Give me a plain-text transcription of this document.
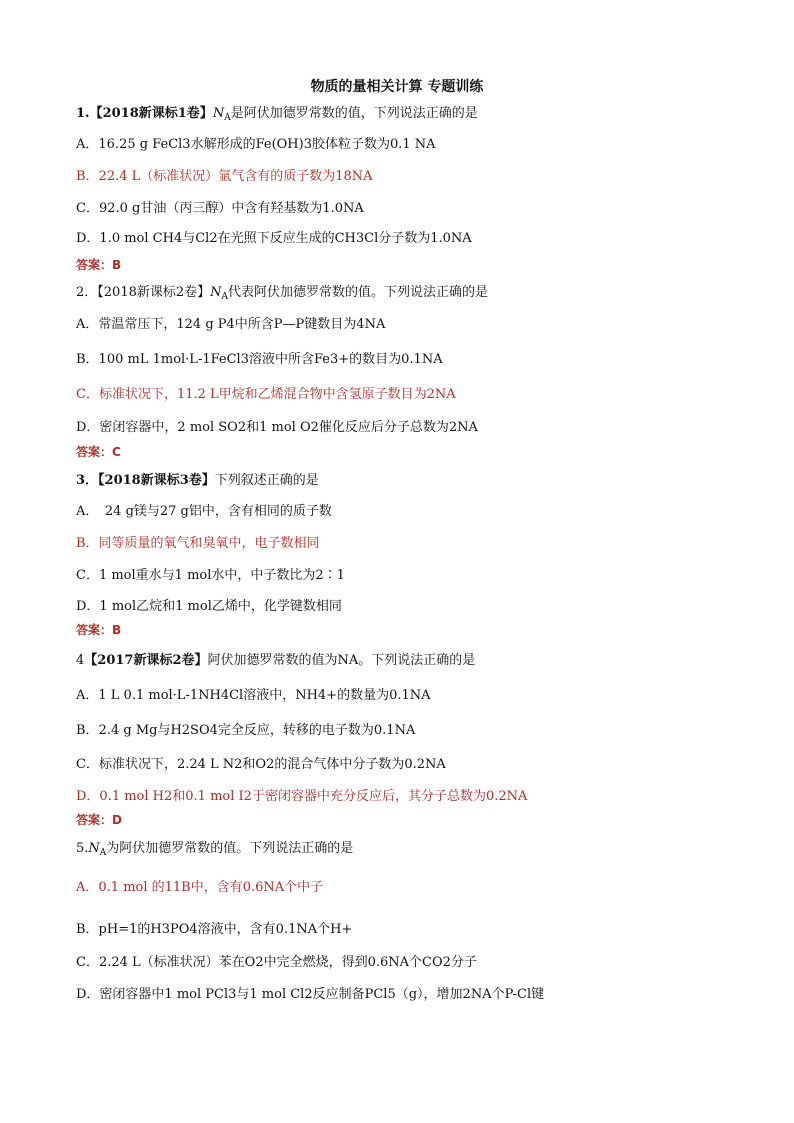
物质的量相关计算 专题训练
1.【2018新课标1卷】$N_A$是阿伏加德罗常数的值，下列说法正确的是
A．16.25 g FeCl3水解形成的Fe(OH)3胶体粒子数为0.1 NA
B．22.4 L（标准状况）氩气含有的质子数为18NA
C．92.0 g甘油（丙三醇）中含有羟基数为1.0NA
D．1.0 mol CH4与Cl2在光照下反应生成的CH3Cl分子数为1.0NA
答案：B
2．【2018新课标2卷】$N_A$代表阿伏加德罗常数的值。下列说法正确的是
A．常温常压下，124 g P4中所含P—P键数目为4NA
B．100 mL 1mol·L-1FeCl3溶液中所含Fe3+的数目为0.1NA
C．标准状况下，11.2 L甲烷和乙烯混合物中含氢原子数目为2NA
D．密闭容器中，2 mol SO2和1 mol O2催化反应后分子总数为2NA
答案：C
3．【2018新课标3卷】下列叙述正确的是
A．　24 g镁与27 g铝中，含有相同的质子数
B．同等质量的氧气和臭氧中，电子数相同
C．1 mol重水与1 mol水中，中子数比为2∶1
D．1 mol乙烷和1 mol乙烯中，化学键数相同
答案：B
4【2017新课标2卷】阿伏加德罗常数的值为NA。下列说法正确的是
A．1 L 0.1 mol·L-1NH4Cl溶液中，NH4+的数量为0.1NA
B．2.4 g Mg与H2SO4完全反应，转移的电子数为0.1NA
C．标准状况下，2.24 L N2和O2的混合气体中分子数为0.2NA
D．0.1 mol H2和0.1 mol I2于密闭容器中充分反应后，其分子总数为0.2NA
答案：D
$5.N_A$为阿伏加德罗常数的值。下列说法正确的是
A．0.1 mol 的11B中，含有0.6NA个中子
B．pH=1的H3PO4溶液中，含有0.1NA个H+
C．2.24 L（标准状况）苯在O2中完全燃烧，得到0.6NA个CO2分子
D．密闭容器中1 mol PCl3与1 mol Cl2反应制备PCl5（g），增加2NA个P-Cl键
